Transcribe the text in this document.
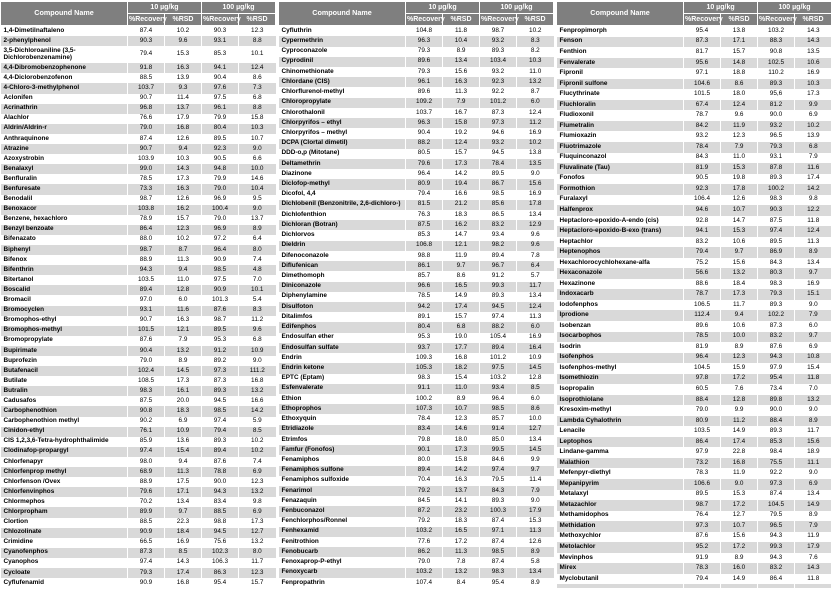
Compound Name	10 µg/kg		100 µg/kg	
	%Recovery	%RSD	%Recovery	%RSD
1,4-Dimetilnaftaleno	87.4	10.2	90.3	12.3
2-phenylphenol	90.3	9.6	93.1	8.8
3,5-Dichloroaniline (3,5-Dichlorobenzenamine)	79.4	15.3	85.3	10.1
4,4-Dibromobenzophenone	91.8	16.3	94.1	12.4
4,4-Diclorobenzofenon	88.5	13.9	90.4	8.6
4-Chloro-3-methylphenol	103.7	9.3	97.6	7.3
Aclonifen	90.7	11.4	97.5	6.8
Acrinathrin	96.8	13.7	96.1	8.8
Alachlor	76.6	17.9	79.9	15.8
Aldrin/Aldrin-r	79.0	16.8	80.4	10.3
Anthraquinone	87.4	12.6	89.5	10.7
Atrazine	90.7	9.4	92.3	9.0
Azoxystrobin	103.9	10.3	90.5	6.6
Benalaxyl	99.0	14.3	94.8	10.0
Benfluralin	78.5	17.3	79.9	14.6
Benfuresate	73.3	16.3	79.0	10.4
Benodalil	98.7	12.6	96.9	9.5
Benoxacor	103.8	16.2	100.4	9.0
Benzene, hexachloro	78.9	15.7	79.0	13.7
Benzyl benzoate	86.4	12.3	96.9	8.9
Bifenazato	88.0	10.2	97.2	6.4
Biphenyl	98.7	8.7	96.4	8.0
Bifenox	88.9	11.3	90.9	7.4
Bifenthrin	94.3	9.4	98.5	4.8
Bitertanol	103.5	11.0	97.5	7.0
Boscalid	89.4	12.8	90.9	10.1
Bromacil	97.0	6.0	101.3	5.4
Bromocyclen	93.1	11.6	87.6	8.3
Bromophos-ethyl	90.7	16.3	98.7	11.2
Bromophos-methyl	101.5	12.1	89.5	9.6
Bromopropylate	87.6	7.9	95.3	6.8
Bupirimate	90.4	13.2	91.2	10.9
Buprofezin	79.0	8.9	89.2	9.0
Butafenacil	102.4	14.5	97.3	111.2
Butilate	108.5	17.3	87.3	16.8
Butralin	98.3	16.1	89.3	13.2
Cadusafos	87.5	20.0	94.5	16.6
Carbophenothion	90.8	18.3	98.5	14.2
Carbophenothion methyl	90.2	6.9	97.4	5.9
Cinidon-ethyl	76.1	10.9	79.4	8.5
CIS 1,2,3,6-Tetra-hydrophthalimide	85.9	13.6	89.3	10.2
Clodinafop-propargyl	97.4	15.4	89.4	10.2
Chlorfenapyr	98.0	9.4	87.6	7.4
Chlorfenprop methyl	68.9	11.3	78.8	6.9
Chlorfenson /Ovex	88.9	17.5	90.0	12.3
Chlorfenvinphos	79.6	17.1	94.3	13.2
Chlormephos	70.2	13.4	83.4	9.8
Chlorpropham	89.9	9.7	88.5	6.9
Clortion	88.5	22.3	98.8	17.3
Chlozolinate	90.9	18.4	94.5	12.7
Crimidine	66.5	16.9	75.6	13.2
Cyanofenphos	87.3	8.5	102.3	8.0
Cyanophos	97.4	14.3	106.3	11.7
Cycloate	79.3	17.4	86.3	12.3
Cyflufenamid	90.9	16.8	95.4	15.7
Compound Name	10 µg/kg		100 µg/kg	
	%Recovery	%RSD	%Recovery	%RSD
Cyfluthrin	104.8	11.8	98.7	10.2
Cypermethrin	96.3	10.4	93.2	8.3
Cyproconazole	79.3	8.9	89.3	8.2
Cyprodinil	89.6	13.4	103.4	10.3
Chinomethionate	79.3	15.6	93.2	11.0
Chlordane (CIS)	96.1	16.3	92.3	13.2
Chlorflurenol-methyl	89.6	11.3	92.2	8.7
Chloropropylate	109.2	7.9	101.2	6.0
Chlorothalonil	103.7	16.7	87.3	12.4
Chlorpyrifos – ethyl	96.3	15.8	97.3	11.2
Chlorpyrifos – methyl	90.4	19.2	94.6	16.9
DCPA (Clortal dimetil)	88.2	12.4	93.2	10.2
DDD-o,p (Mitotane)	80.5	15.7	94.5	13.8
Deltamethrin	79.6	17.3	78.4	13.5
Diazinone	96.4	14.2	89.5	9.0
Diclofop-methyl	80.9	19.4	86.7	15.6
Dicofol, 4,4	79.4	16.6	98.5	16.9
Dichlobenil (Benzonitrile, 2,6-dichloro-)	81.5	21.2	85.6	17.8
Dichlofenthion	76.3	18.3	86.5	13.4
Dichloran (Botran)	87.5	16.2	83.2	12.9
Dichlorvos	85.3	14.7	93.4	9.6
Dieldrin	106.8	12.1	98.2	9.6
Difenoconazole	98.8	11.9	89.4	7.8
Diflufenican	86.1	9.7	96.7	6.4
Dimethomoph	85.7	8.6	91.2	5.7
Diniconazole	96.6	16.5	99.3	11.7
Diphenylamine	78.5	14.9	89.3	13.4
Disulfoton	94.2	17.4	94.5	12.4
Ditalimfos	89.1	15.7	97.4	11.3
Edifenphos	80.4	6.8	88.2	6.0
Endosulfan ether	95.3	19.0	105.4	16.9
Endosulfan sulfate	93.7	17.7	89.4	16.4
Endrin	109.3	16.8	101.2	10.9
Endrin ketone	105.3	18.2	97.5	14.5
EPTC (Eptam)	98.3	15.4	103.2	12.8
Esfenvalerate	91.1	11.0	93.4	8.5
Ethion	100.2	8.9	96.4	6.0
Ethoprophos	107.3	10.7	98.5	8.6
Ethoxyquin	78.4	12.3	85.7	10.0
Etridiazole	83.4	14.6	91.4	12.7
Etrimfos	79.8	18.0	85.0	13.4
Famfur (Fonofos)	90.1	17.3	99.5	14.5
Fenamiphos	80.0	15.8	84.6	9.9
Fenamiphos sulfone	89.4	14.2	97.4	9.7
Fenamiphos sulfoxide	70.4	16.3	79.5	11.4
Fenarimol	79.2	13.7	84.3	7.9
Fenazaquin	84.5	14.1	89.3	9.0
Fenbuconazol	87.2	23.2	100.3	17.9
Fenchlorphos/Ronnel	79.2	18.3	87.4	15.3
Fenhexamid	103.2	16.5	97.1	11.3
Fenitrothion	77.6	17.2	87.4	12.6
Fenobucarb	86.2	11.3	98.5	8.9
Fenoxaprop-P-ethyl	79.0	7.8	87.4	5.8
Fenoxycarb	103.2	13.2	98.3	13.4
Fenpropathrin	107.4	8.4	95.4	8.9
Compound Name	10 µg/kg		100 µg/kg	
	%Recovery	%RSD	%Recovery	%RSD
Fenpropimorph	95.4	13.8	103.2	14.3
Fenson	87.3	17.1	88.3	14.3
Fenthion	81.7	15.7	90.8	13.5
Fenvalerate	95.6	14.8	102.5	10.6
Fipronil	97.1	18.8	110.2	16.9
Fipronil sulfone	104.6	8.6	89.3	10.3
Flucythrinate	101.5	18.0	95,6	17.3
Fluchloralin	67.4	12.4	81.2	9.9
Fludioxonil	78.7	9.6	90.0	6.9
Flumetralin	84.2	11.9	93.2	10.2
Flumioxazin	93.2	12.3	96.5	13.9
Fluotrimazole	78.4	7.9	79.3	6.8
Fluquinconazol	84.3	11.0	93.1	7.9
Fluvalinate (Tau)	81.9	15.3	87.8	11.6
Fonofos	90.5	19.8	89.3	17.4
Formothion	92.3	17.8	100.2	14.2
Furalaxyl	106.4	12.6	98.3	9.8
Halfenprox	94.6	10.7	90.3	12.2
Heptacloro-epoxido-A-endo (cis)	92.8	14.7	87.5	11.8
Heptacloro-epoxido-B-exo (trans)	94.1	15.3	97.4	12.4
Heptachlor	83.2	10.6	89.5	11.3
Heptenophos	79.4	9.7	86.9	8.9
Hexachlorocychlohexane-alfa	75.2	15.6	84.3	13.4
Hexaconazole	56.6	13.2	80.3	9.7
Hexazinone	88.6	18.4	98.3	16.9
Indoxacarb	78.7	17.3	79.3	15.1
Iodofenphos	106.5	11.7	89.3	9.0
Iprodione	112.4	9.4	102.2	7.9
Isobenzan	89.6	10.6	87.3	6.0
Isocarbophos	78.5	10.0	83.2	9.7
Isodrin	81.9	8.9	87.6	6.9
Isofenphos	96.4	12.3	94.3	10.8
Isofenphos-methyl	104.5	15.9	97.9	15.4
Isomethiozin	97.8	17.2	95.4	11.8
Isopropalin	60.5	7.6	73.4	7.0
Isoprothiolane	88.4	12.8	89.8	13.2
Kresoxim-methyl	79.0	9.9	90.0	9.0
Lambda Cyhalothrin	80.9	11.2	88.4	8.9
Lenacile	103.5	14.9	89.3	11.7
Leptophos	86.4	17.4	85.3	15.6
Lindane-gamma	97.9	22.8	98.4	18.9
Malathion	73.2	16.8	75.5	11.1
Mefenpyr-diethyl	78.3	11.9	92.2	9.0
Mepanipyrim	106.6	9.0	97.3	6.9
Metalaxyl	89.5	15.3	87.4	13.4
Metazachlor	98.7	17.2	104.5	14.9
Methamidophos	76.4	12.7	79.5	8.9
Methidation	97.3	10.7	96.5	7.9
Methoxychlor	87.6	15.6	94.3	11.9
Metolachlor	95.2	17.2	99.3	17.9
Mevinphos	91.9	8.9	94.3	7.6
Mirex	78.3	16.0	83.2	14.3
Myclobutanil	79.4	14.9	86.4	11.8
